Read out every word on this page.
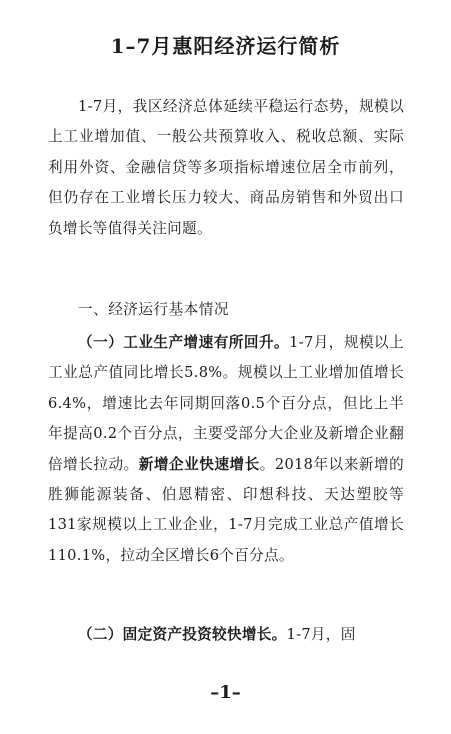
1–7月惠阳经济运行简析

1-7月，我区经济总体延续平稳运行态势，规模以上工业增加值、一般公共预算收入、税收总额、实际利用外资、金融信贷等多项指标增速位居全市前列，但仍存在工业增长压力较大、商品房销售和外贸出口负增长等值得关注问题。

一、经济运行基本情况

（一）工业生产增速有所回升。1-7月，规模以上工业总产值同比增长5.8%。规模以上工业增加值增长6.4%，增速比去年同期回落0.5个百分点，但比上半年提高0.2个百分点，主要受部分大企业及新增企业翻倍增长拉动。新增企业快速增长。2018年以来新增的胜狮能源装备、伯恩精密、印想科技、天达塑胶等131家规模以上工业企业，1-7月完成工业总产值增长110.1%，拉动全区增长6个百分点。

（二）固定资产投资较快增长。1-7月，固

–1–
